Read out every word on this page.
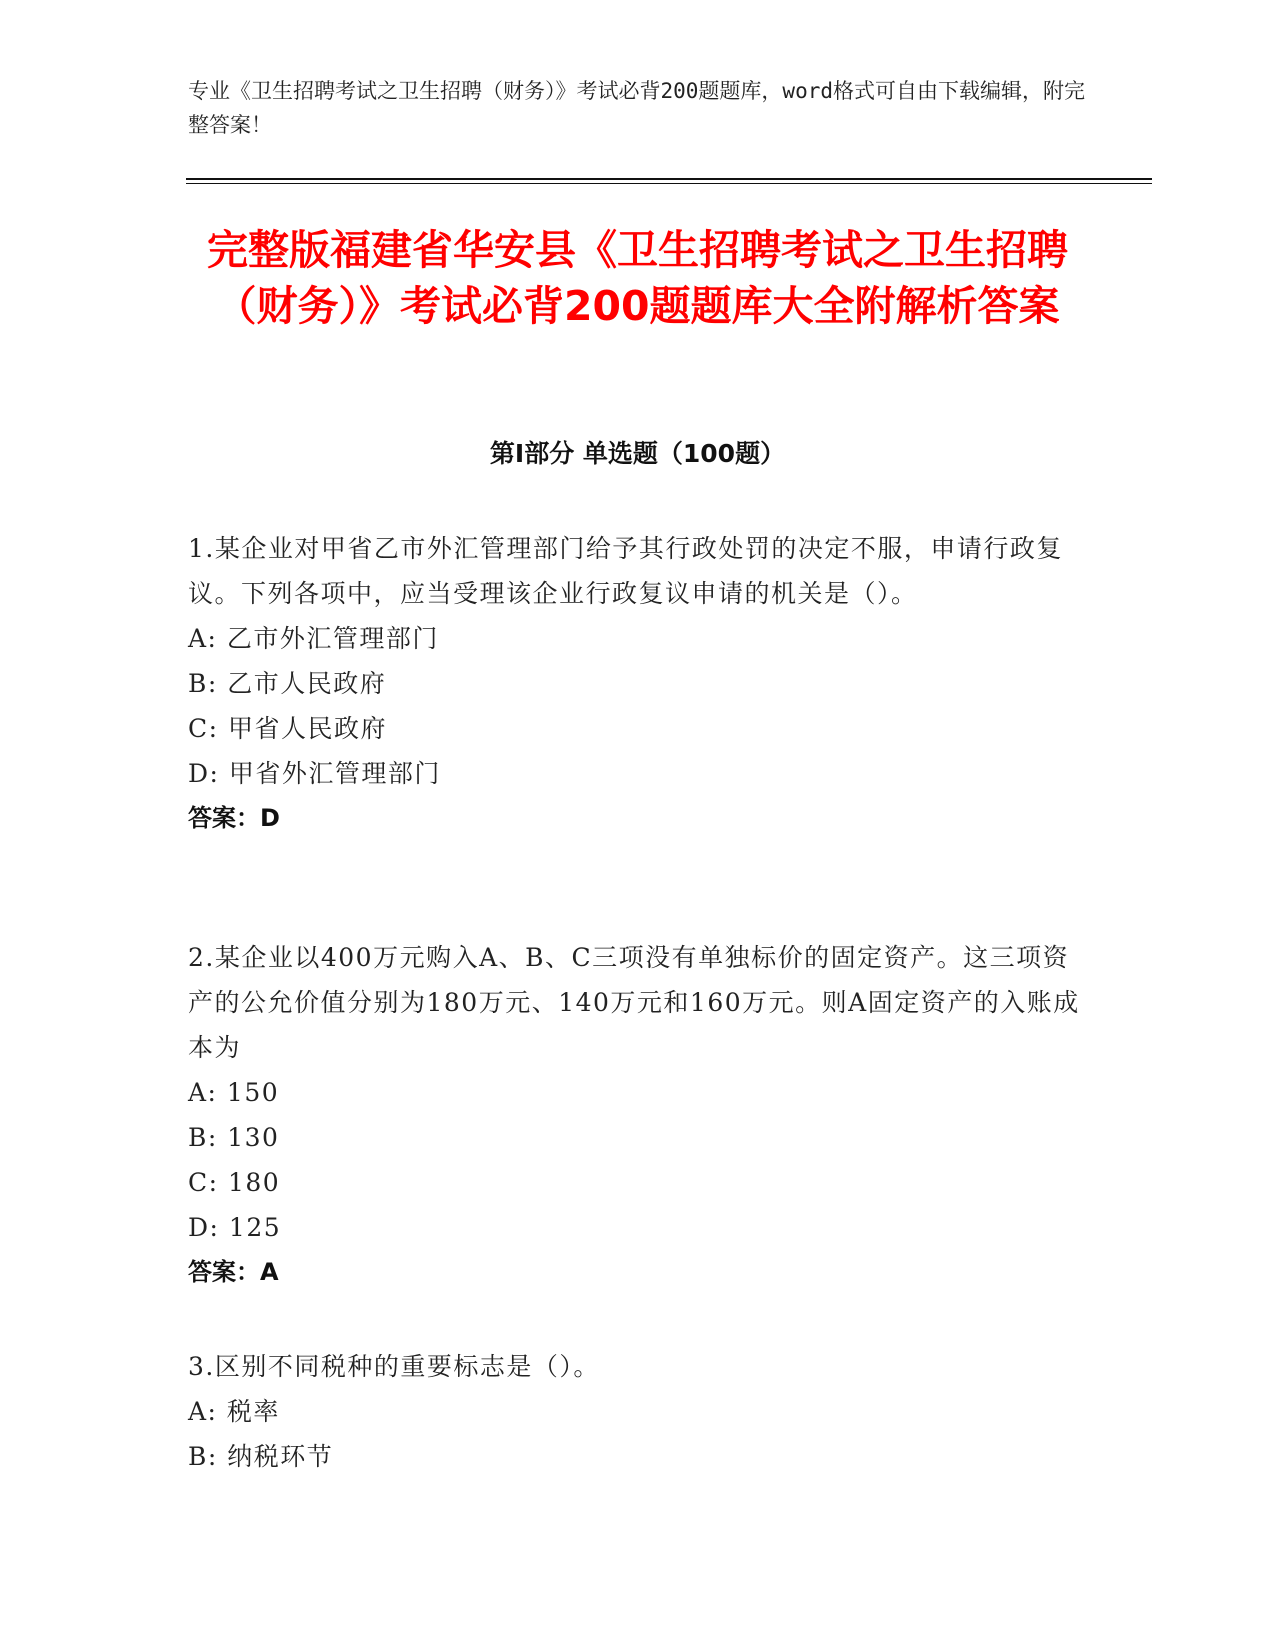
专业《卫生招聘考试之卫生招聘（财务）》考试必背200题题库，word格式可自由下载编辑，附完整答案！
完整版福建省华安县《卫生招聘考试之卫生招聘（财务）》考试必背200题题库大全附解析答案
第I部分 单选题（100题）
1.某企业对甲省乙市外汇管理部门给予其行政处罚的决定不服，申请行政复议。下列各项中，应当受理该企业行政复议申请的机关是（）。
A: 乙市外汇管理部门
B: 乙市人民政府
C: 甲省人民政府
D: 甲省外汇管理部门
答案：D
2.某企业以400万元购入A、B、C三项没有单独标价的固定资产。这三项资产的公允价值分别为180万元、140万元和160万元。则A固定资产的入账成本为
A: 150
B: 130
C: 180
D: 125
答案：A
3.区别不同税种的重要标志是（）。
A: 税率
B: 纳税环节
